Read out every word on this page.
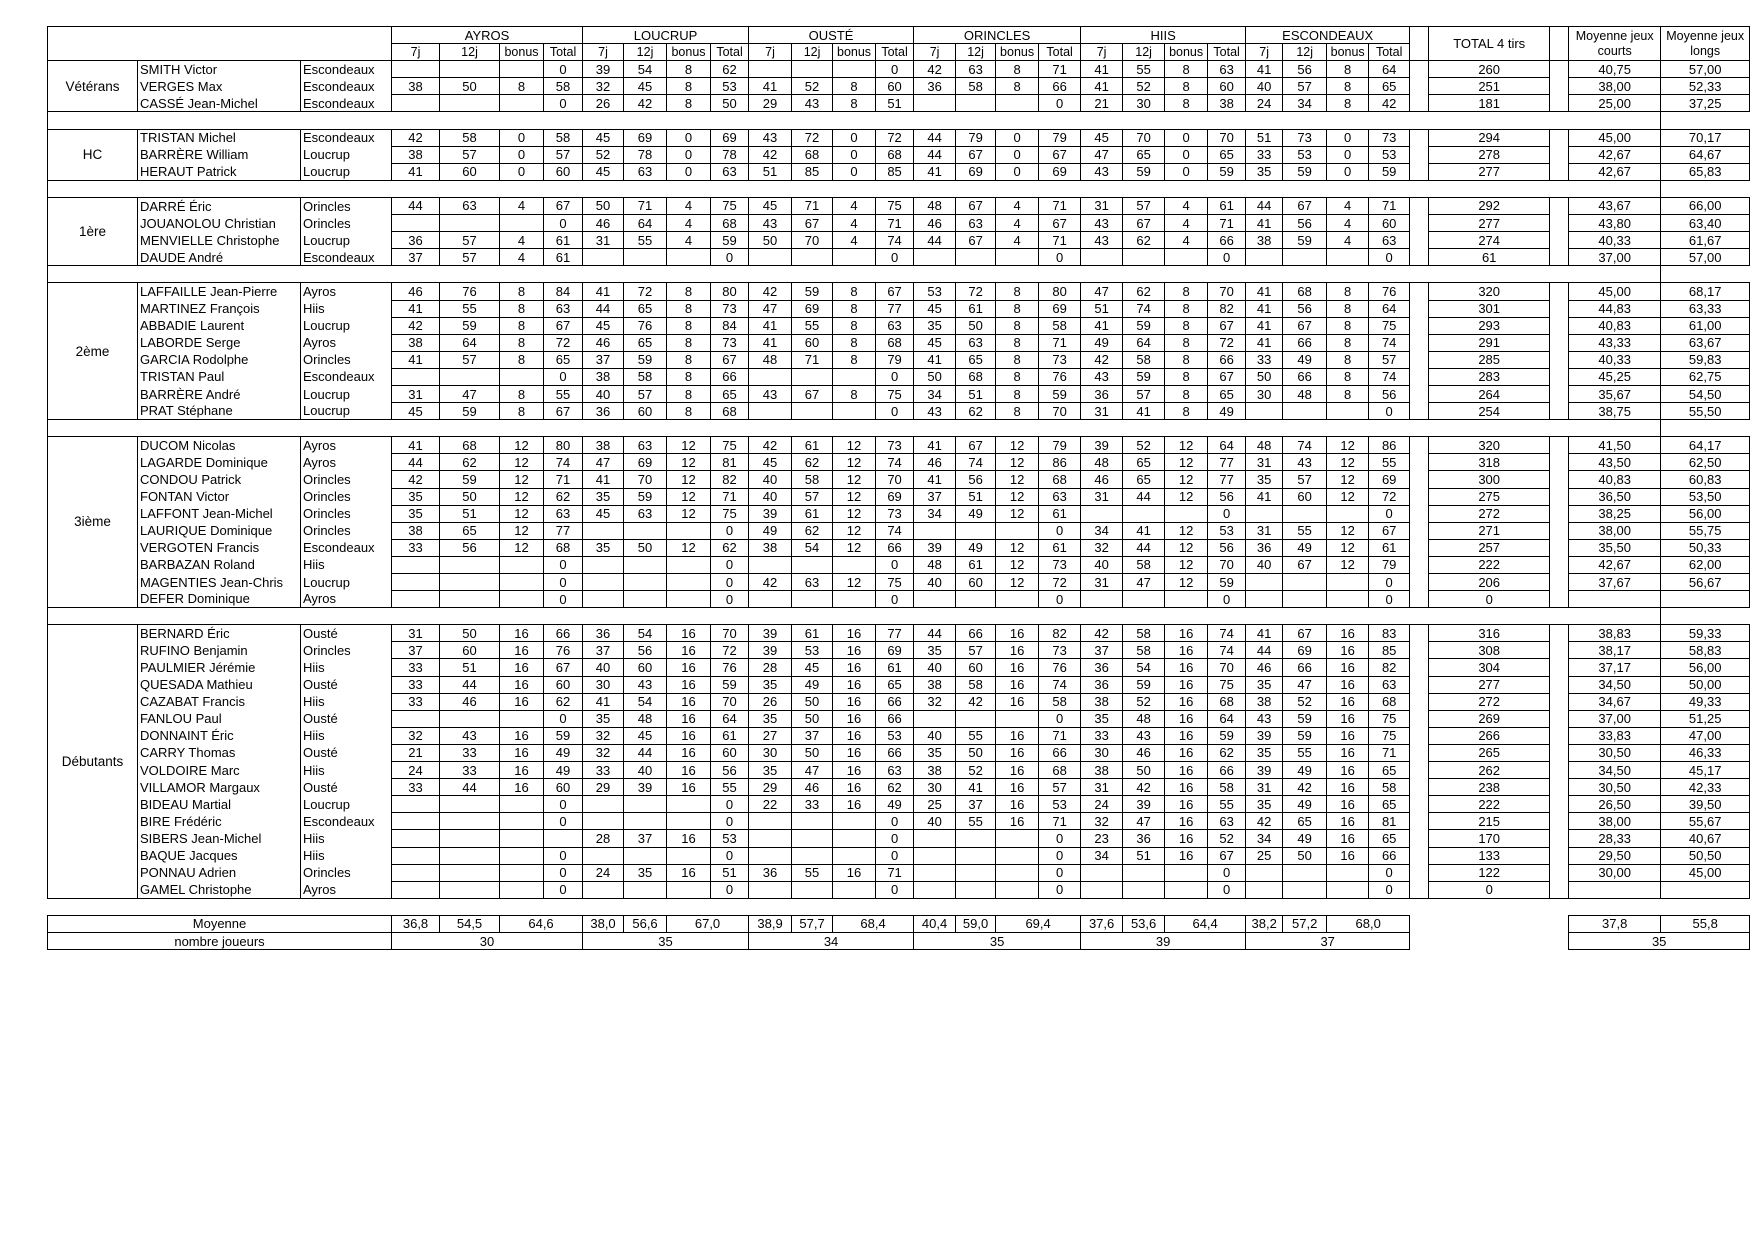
			AYROS				LOUCRUP				OUSTÉ				ORINCLES				HIIS				ESCONDEAUX					TOTAL 4 tirs		Moyenne jeux courts	Moyenne jeux longs
			7j	12j	bonus	Total	7j	12j	bonus	Total	7j	12j	bonus	Total	7j	12j	bonus	Total	7j	12j	bonus	Total	7j	12j	bonus	Total					
Vétérans	SMITH Victor	Escondeaux				0	39	54	8	62				0	42	63	8	71	41	55	8	63	41	56	8	64		260		40,75	57,00
	VERGES Max	Escondeaux	38	50	8	58	32	45	8	53	41	52	8	60	36	58	8	66	41	52	8	60	40	57	8	65		251		38,00	52,33
	CASSÉ Jean-Michel	Escondeaux				0	26	42	8	50	29	43	8	51				0	21	30	8	38	24	34	8	42		181		25,00	37,25

HC	TRISTAN Michel	Escondeaux	42	58	0	58	45	69	0	69	43	72	0	72	44	79	0	79	45	70	0	70	51	73	0	73		294		45,00	70,17
	BARRÈRE William	Loucrup	38	57	0	57	52	78	0	78	42	68	0	68	44	67	0	67	47	65	0	65	33	53	0	53		278		42,67	64,67
	HERAUT Patrick	Loucrup	41	60	0	60	45	63	0	63	51	85	0	85	41	69	0	69	43	59	0	59	35	59	0	59		277		42,67	65,83

1ère	DARRÉ Éric	Orincles	44	63	4	67	50	71	4	75	45	71	4	75	48	67	4	71	31	57	4	61	44	67	4	71		292		43,67	66,00
	JOUANOLOU Christian	Orincles				0	46	64	4	68	43	67	4	71	46	63	4	67	43	67	4	71	41	56	4	60		277		43,80	63,40
	MENVIELLE Christophe	Loucrup	36	57	4	61	31	55	4	59	50	70	4	74	44	67	4	71	43	62	4	66	38	59	4	63		274		40,33	61,67
	DAUDE André	Escondeaux	37	57	4	61				0				0				0				0				0		61		37,00	57,00

2ème	LAFFAILLE Jean-Pierre	Ayros	46	76	8	84	41	72	8	80	42	59	8	67	53	72	8	80	47	62	8	70	41	68	8	76		320		45,00	68,17
	MARTINEZ François	Hiis	41	55	8	63	44	65	8	73	47	69	8	77	45	61	8	69	51	74	8	82	41	56	8	64		301		44,83	63,33
	ABBADIE Laurent	Loucrup	42	59	8	67	45	76	8	84	41	55	8	63	35	50	8	58	41	59	8	67	41	67	8	75		293		40,83	61,00
	LABORDE Serge	Ayros	38	64	8	72	46	65	8	73	41	60	8	68	45	63	8	71	49	64	8	72	41	66	8	74		291		43,33	63,67
	GARCIA Rodolphe	Orincles	41	57	8	65	37	59	8	67	48	71	8	79	41	65	8	73	42	58	8	66	33	49	8	57		285		40,33	59,83
	TRISTAN Paul	Escondeaux				0	38	58	8	66				0	50	68	8	76	43	59	8	67	50	66	8	74		283		45,25	62,75
	BARRÈRE André	Loucrup	31	47	8	55	40	57	8	65	43	67	8	75	34	51	8	59	36	57	8	65	30	48	8	56		264		35,67	54,50
	PRAT Stéphane	Loucrup	45	59	8	67	36	60	8	68				0	43	62	8	70	31	41	8	49				0		254		38,75	55,50

3ième	DUCOM Nicolas	Ayros	41	68	12	80	38	63	12	75	42	61	12	73	41	67	12	79	39	52	12	64	48	74	12	86		320		41,50	64,17
	LAGARDE Dominique	Ayros	44	62	12	74	47	69	12	81	45	62	12	74	46	74	12	86	48	65	12	77	31	43	12	55		318		43,50	62,50
	CONDOU Patrick	Orincles	42	59	12	71	41	70	12	82	40	58	12	70	41	56	12	68	46	65	12	77	35	57	12	69		300		40,83	60,83
	FONTAN Victor	Orincles	35	50	12	62	35	59	12	71	40	57	12	69	37	51	12	63	31	44	12	56	41	60	12	72		275		36,50	53,50
	LAFFONT Jean-Michel	Orincles	35	51	12	63	45	63	12	75	39	61	12	73	34	49	12	61				0				0		272		38,25	56,00
	LAURIQUE Dominique	Orincles	38	65	12	77				0	49	62	12	74				0	34	41	12	53	31	55	12	67		271		38,00	55,75
	VERGOTEN Francis	Escondeaux	33	56	12	68	35	50	12	62	38	54	12	66	39	49	12	61	32	44	12	56	36	49	12	61		257		35,50	50,33
	BARBAZAN Roland	Hiis				0				0				0	48	61	12	73	40	58	12	70	40	67	12	79		222		42,67	62,00
	MAGENTIES Jean-Chris	Loucrup				0				0	42	63	12	75	40	60	12	72	31	47	12	59				0		206		37,67	56,67
	DEFER Dominique	Ayros				0				0				0				0				0				0		0			

Débutants	BERNARD Éric	Ousté	31	50	16	66	36	54	16	70	39	61	16	77	44	66	16	82	42	58	16	74	41	67	16	83		316		38,83	59,33
	RUFINO Benjamin	Orincles	37	60	16	76	37	56	16	72	39	53	16	69	35	57	16	73	37	58	16	74	44	69	16	85		308		38,17	58,83
	PAULMIER Jérémie	Hiis	33	51	16	67	40	60	16	76	28	45	16	61	40	60	16	76	36	54	16	70	46	66	16	82		304		37,17	56,00
	QUESADA Mathieu	Ousté	33	44	16	60	30	43	16	59	35	49	16	65	38	58	16	74	36	59	16	75	35	47	16	63		277		34,50	50,00
	CAZABAT Francis	Hiis	33	46	16	62	41	54	16	70	26	50	16	66	32	42	16	58	38	52	16	68	38	52	16	68		272		34,67	49,33
	FANLOU Paul	Ousté				0	35	48	16	64	35	50	16	66				0	35	48	16	64	43	59	16	75		269		37,00	51,25
	DONNAINT Éric	Hiis	32	43	16	59	32	45	16	61	27	37	16	53	40	55	16	71	33	43	16	59	39	59	16	75		266		33,83	47,00
	CARRY Thomas	Ousté	21	33	16	49	32	44	16	60	30	50	16	66	35	50	16	66	30	46	16	62	35	55	16	71		265		30,50	46,33
	VOLDOIRE Marc	Hiis	24	33	16	49	33	40	16	56	35	47	16	63	38	52	16	68	38	50	16	66	39	49	16	65		262		34,50	45,17
	VILLAMOR Margaux	Ousté	33	44	16	60	29	39	16	55	29	46	16	62	30	41	16	57	31	42	16	58	31	42	16	58		238		30,50	42,33
	BIDEAU Martial	Loucrup				0				0	22	33	16	49	25	37	16	53	24	39	16	55	35	49	16	65		222		26,50	39,50
	BIRE Frédéric	Escondeaux				0				0				0	40	55	16	71	32	47	16	63	42	65	16	81		215		38,00	55,67
	SIBERS Jean-Michel	Hiis					28	37	16	53				0				0	23	36	16	52	34	49	16	65		170		28,33	40,67
	BAQUE Jacques	Hiis				0				0				0				0	34	51	16	67	25	50	16	66		133		29,50	50,50
	PONNAU Adrien	Orincles				0	24	35	16	51	36	55	16	71				0				0				0		122		30,00	45,00
	GAMEL Christophe	Ayros				0				0				0				0				0				0		0			

Moyenne			36,8	54,5	64,6		38,0	56,6	67,0		38,9	57,7	68,4		40,4	59,0	69,4		37,6	53,6	64,4		38,2	57,2	68,0					37,8	55,8
nombre joueurs			30				35				34				35				39				37							35	
